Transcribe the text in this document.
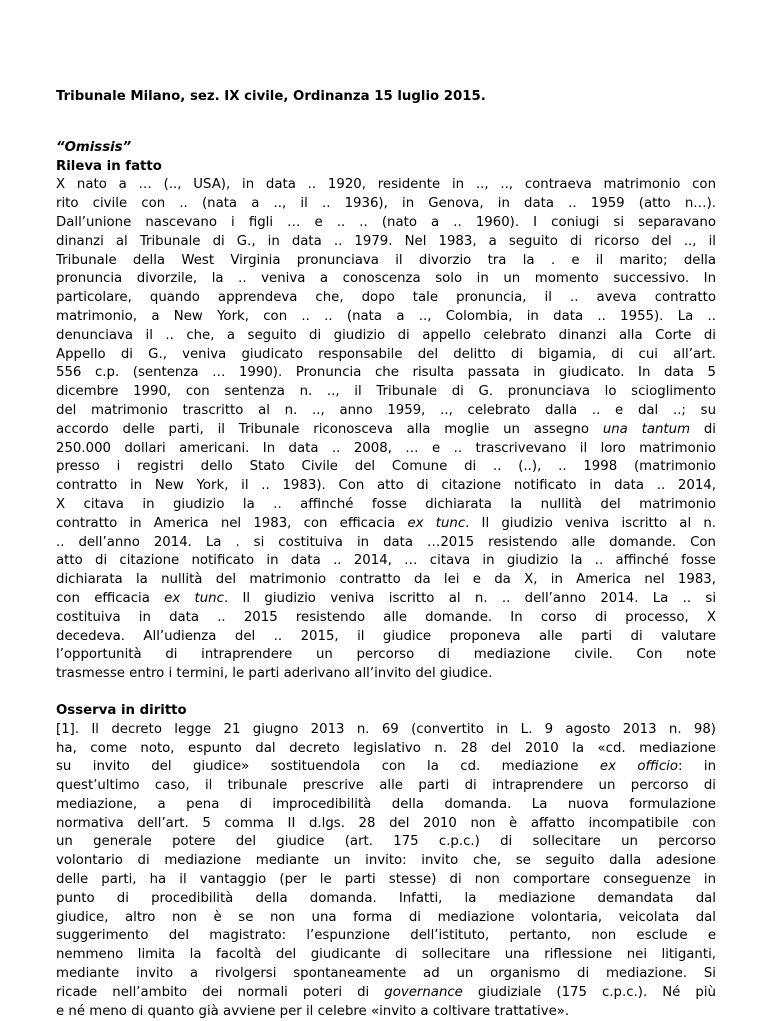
Tribunale Milano, sez. IX civile, Ordinanza 15 luglio 2015.

“Omissis”

Rileva in fatto

X nato a … (.., USA), in data .. 1920, residente in .., .., contraeva matrimonio con
rito civile con .. (nata a .., il .. 1936), in Genova, in data .. 1959 (atto n…).
Dall’unione nascevano i figli … e .. .. (nato a .. 1960). I coniugi si separavano
dinanzi al Tribunale di G., in data .. 1979. Nel 1983, a seguito di ricorso del .., il
Tribunale della West Virginia pronunciava il divorzio tra la . e il marito; della
pronuncia divorzile, la .. veniva a conoscenza solo in un momento successivo. In
particolare, quando apprendeva che, dopo tale pronuncia, il .. aveva contratto
matrimonio, a New York, con .. .. (nata a .., Colombia, in data .. 1955). La ..
denunciava il .. che, a seguito di giudizio di appello celebrato dinanzi alla Corte di
Appello di G., veniva giudicato responsabile del delitto di bigamia, di cui all’art.
556 c.p. (sentenza … 1990). Pronuncia che risulta passata in giudicato. In data 5
dicembre 1990, con sentenza n. .., il Tribunale di G. pronunciava lo scioglimento
del matrimonio trascritto al n. .., anno 1959, .., celebrato dalla .. e dal ..; su
accordo delle parti, il Tribunale riconosceva alla moglie un assegno una tantum di
250.000 dollari americani. In data .. 2008, … e .. trascrivevano il loro matrimonio
presso i registri dello Stato Civile del Comune di .. (..), .. 1998 (matrimonio
contratto in New York, il .. 1983). Con atto di citazione notificato in data .. 2014,
X citava in giudizio la .. affinché fosse dichiarata la nullità del matrimonio
contratto in America nel 1983, con efficacia ex tunc. Il giudizio veniva iscritto al n.
.. dell’anno 2014. La . si costituiva in data …2015 resistendo alle domande. Con
atto di citazione notificato in data .. 2014, … citava in giudizio la .. affinché fosse
dichiarata la nullità del matrimonio contratto da lei e da X, in America nel 1983,
con efficacia ex tunc. Il giudizio veniva iscritto al n. .. dell’anno 2014. La .. si
costituiva in data .. 2015 resistendo alle domande. In corso di processo, X
decedeva. All’udienza del .. 2015, il giudice proponeva alle parti di valutare
l’opportunità di intraprendere un percorso di mediazione civile. Con note
trasmesse entro i termini, le parti aderivano all’invito del giudice.

Osserva in diritto

[1]. Il decreto legge 21 giugno 2013 n. 69 (convertito in L. 9 agosto 2013 n. 98)
ha, come noto, espunto dal decreto legislativo n. 28 del 2010 la «cd. mediazione
su invito del giudice» sostituendola con la cd. mediazione ex officio: in
quest’ultimo caso, il tribunale prescrive alle parti di intraprendere un percorso di
mediazione, a pena di improcedibilità della domanda. La nuova formulazione
normativa dell’art. 5 comma II d.lgs. 28 del 2010 non è affatto incompatibile con
un generale potere del giudice (art. 175 c.p.c.) di sollecitare un percorso
volontario di mediazione mediante un invito: invito che, se seguito dalla adesione
delle parti, ha il vantaggio (per le parti stesse) di non comportare conseguenze in
punto di procedibilità della domanda. Infatti, la mediazione demandata dal
giudice, altro non è se non una forma di mediazione volontaria, veicolata dal
suggerimento del magistrato: l’espunzione dell’istituto, pertanto, non esclude e
nemmeno limita la facoltà del giudicante di sollecitare una riflessione nei litiganti,
mediante invito a rivolgersi spontaneamente ad un organismo di mediazione. Si
ricade nell’ambito dei normali poteri di governance giudiziale (175 c.p.c.). Né più
e né meno di quanto già avviene per il celebre «invito a coltivare trattative».
